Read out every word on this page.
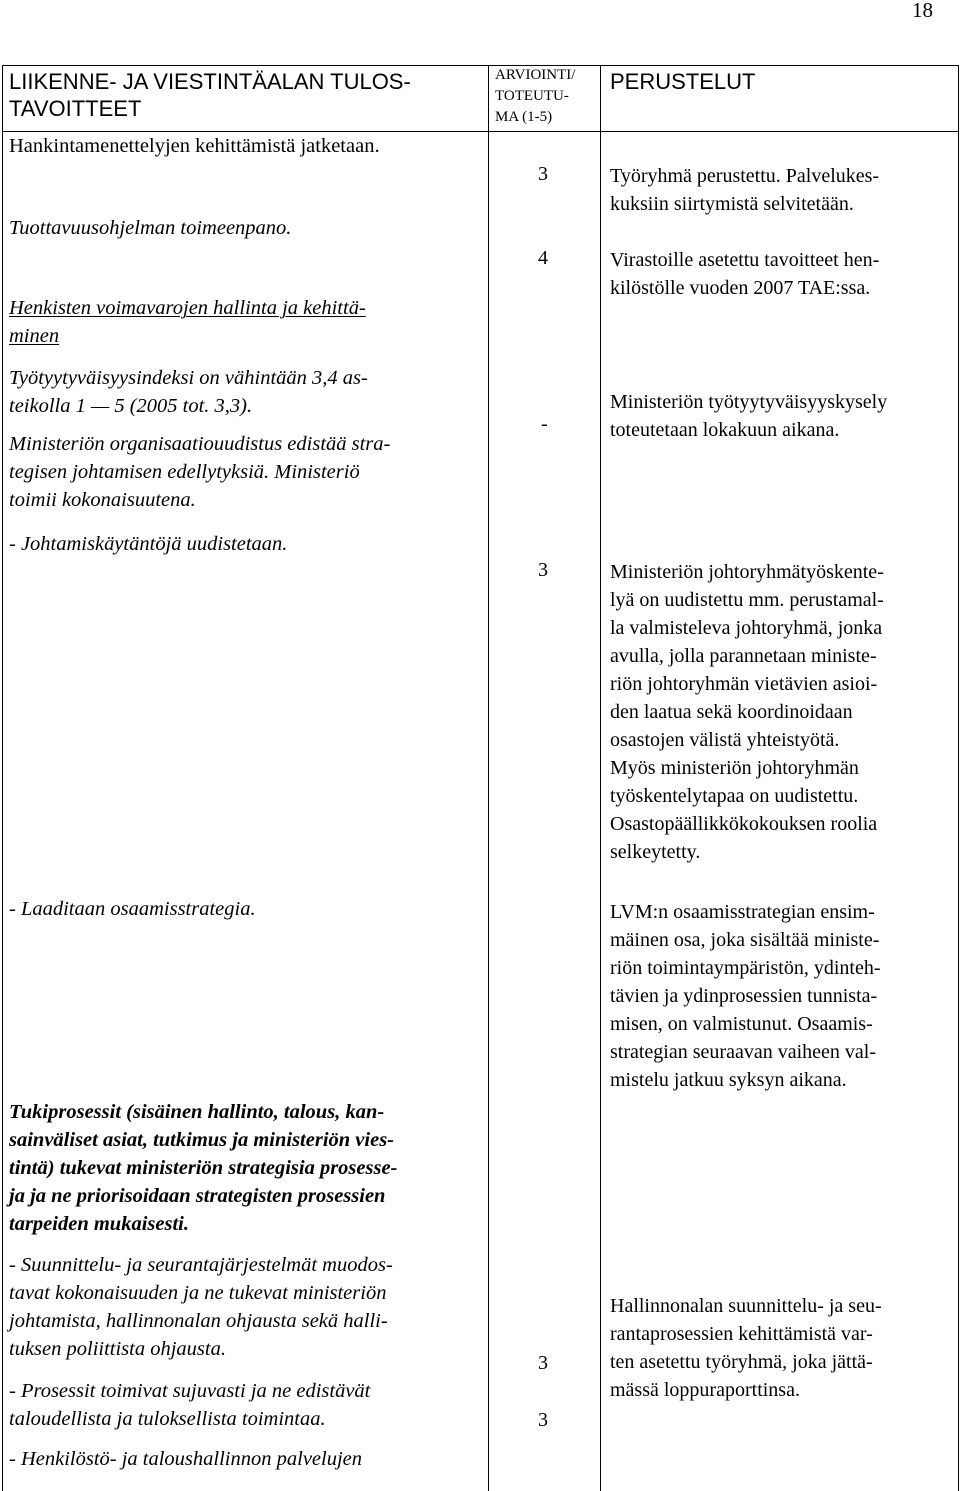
18
LIIKENNE- JA VIESTINTÄALAN TULOS-
TAVOITTEET
ARVIOINTI/
TOTEUTU-
MA (1-5)
PERUSTELUT
Hankintamenettelyjen kehittämistä jatketaan.
Tuottavuusohjelman toimeenpano.
Henkisten voimavarojen hallinta ja kehittä-
minen
Työtyytyväisyysindeksi on vähintään 3,4 as-
teikolla 1 — 5 (2005 tot. 3,3).
Ministeriön organisaatiouudistus edistää stra-
tegisen johtamisen edellytyksiä. Ministeriö
toimii kokonaisuutena.
- Johtamiskäytäntöjä uudistetaan.
- Laaditaan osaamisstrategia.
Tukiprosessit (sisäinen hallinto, talous, kan-
sainväliset asiat, tutkimus ja ministeriön vies-
tintä) tukevat ministeriön strategisia prosesse-
ja ja ne priorisoidaan strategisten prosessien
tarpeiden mukaisesti.
- Suunnittelu- ja seurantajärjestelmät muodos-
tavat kokonaisuuden ja ne tukevat ministeriön
johtamista, hallinnonalan ohjausta sekä halli-
tuksen poliittista ohjausta.
- Prosessit toimivat sujuvasti ja ne edistävät
taloudellista ja tuloksellista toimintaa.
- Henkilöstö- ja taloushallinnon palvelujen
3
4
-
3
3
3
Työryhmä perustettu. Palvelukes-
kuksiin siirtymistä selvitetään.
Virastoille asetettu tavoitteet hen-
kilöstölle vuoden 2007 TAE:ssa.
Ministeriön työtyytyväisyyskysely
toteutetaan lokakuun aikana.
Ministeriön johtoryhmätyöskente-
lyä on uudistettu mm. perustamal-
la valmisteleva johtoryhmä, jonka
avulla, jolla parannetaan ministe-
riön johtoryhmän vietävien asioi-
den laatua sekä koordinoidaan
osastojen välistä yhteistyötä.
Myös ministeriön johtoryhmän
työskentelytapaa on uudistettu.
Osastopäällikkökokouksen roolia
selkeytetty.
LVM:n osaamisstrategian ensim-
mäinen osa, joka sisältää ministe-
riön toimintaympäristön, ydinteh-
tävien ja ydinprosessien tunnista-
misen, on valmistunut. Osaamis-
strategian seuraavan vaiheen val-
mistelu jatkuu syksyn aikana.
Hallinnonalan suunnittelu- ja seu-
rantaprosessien kehittämistä var-
ten asetettu työryhmä, joka jättä-
mässä loppuraporttinsa.
